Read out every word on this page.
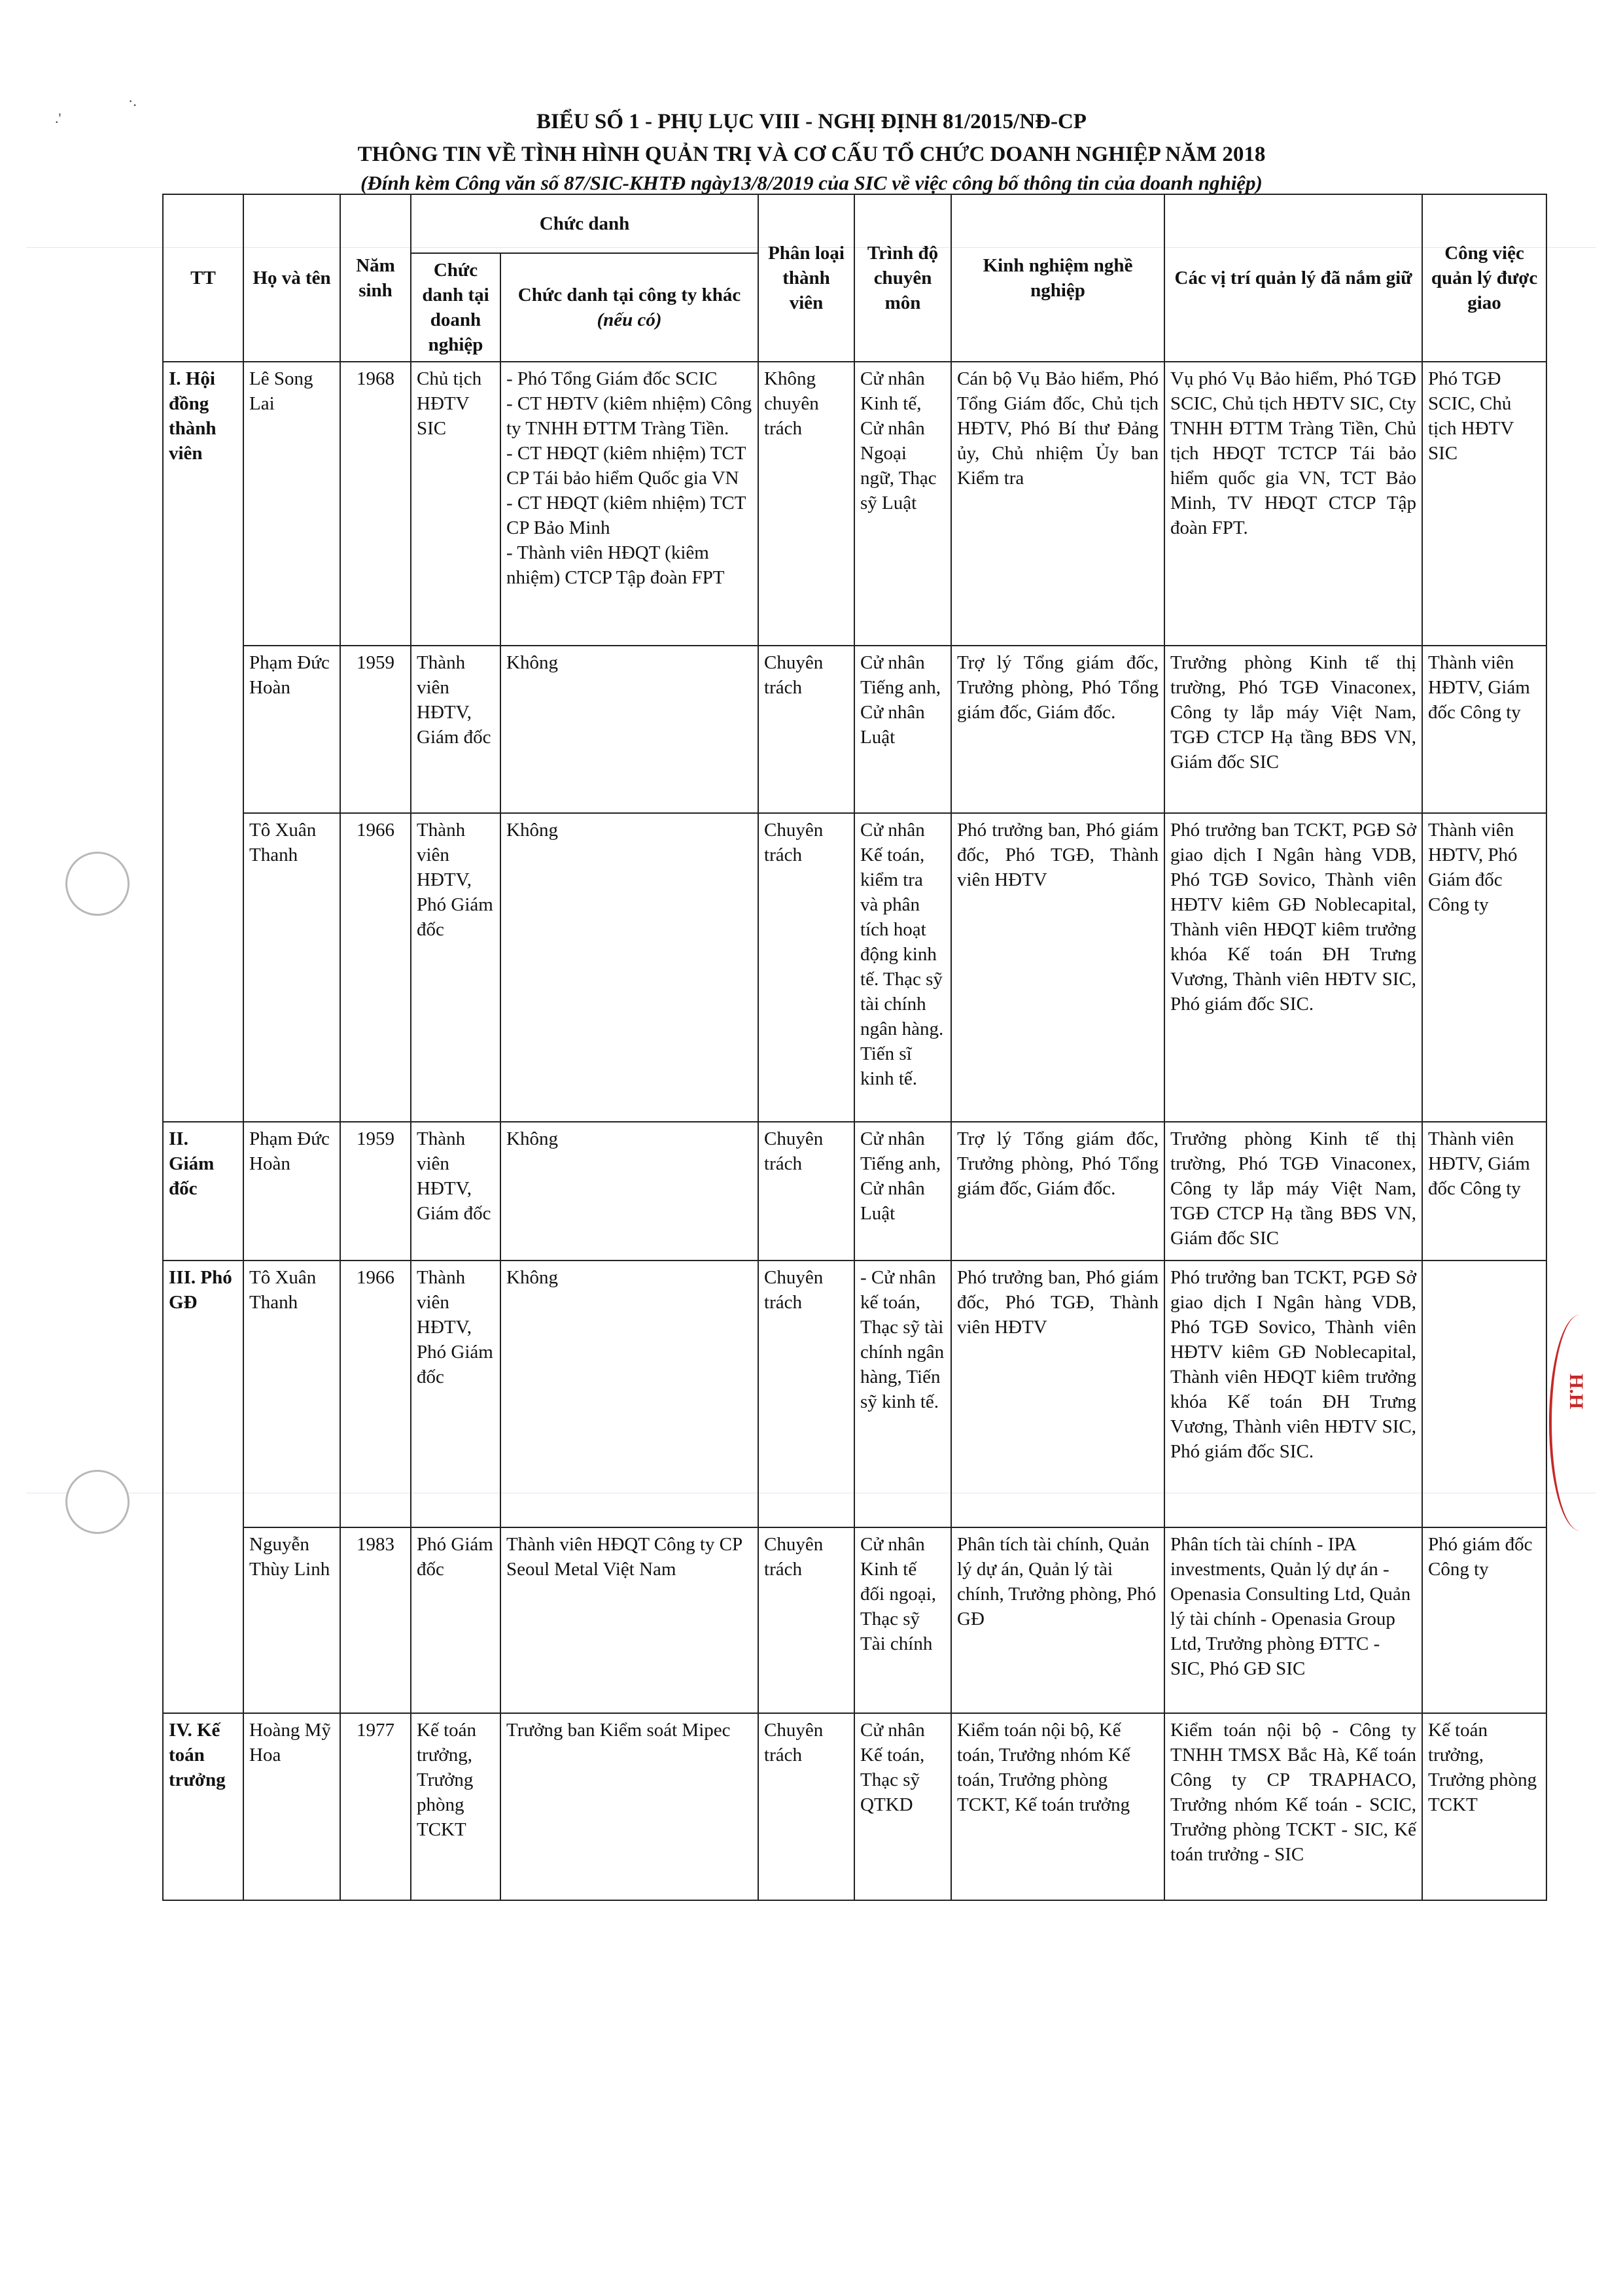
.'
·.
BIỂU SỐ 1 - PHỤ LỤC VIII - NGHỊ ĐỊNH 81/2015/NĐ-CP
THÔNG TIN VỀ TÌNH HÌNH QUẢN TRỊ VÀ CƠ CẤU TỔ CHỨC DOANH NGHIỆP NĂM 2018
(Đính kèm Công văn số 87/SIC-KHTĐ ngày13/8/2019 của SIC về việc công bố thông tin của doanh nghiệp)
TT	Họ và tên	Năm sinh	Chức danh		Phân loại thành viên	Trình độ chuyên môn	Kinh nghiệm nghề nghiệp	Các vị trí quản lý đã nắm giữ	Công việc quản lý được giao
			Chức danh tại doanh nghiệp	Chức danh tại công ty khác
(nếu có)					
I. Hội đồng thành viên	Lê Song Lai	1968	Chủ tịch HĐTV SIC	- Phó Tổng Giám đốc SCIC
- CT HĐTV (kiêm nhiệm) Công ty TNHH ĐTTM Tràng Tiền.
- CT HĐQT (kiêm nhiệm) TCT CP Tái bảo hiểm Quốc gia VN
- CT HĐQT (kiêm nhiệm) TCT CP Bảo Minh
- Thành viên HĐQT (kiêm nhiệm) CTCP Tập đoàn FPT	Không chuyên trách	Cử nhân Kinh tế, Cử nhân Ngoại ngữ, Thạc sỹ Luật	Cán bộ Vụ Bảo hiểm, Phó Tổng Giám đốc, Chủ tịch HĐTV, Phó Bí thư Đảng ủy, Chủ nhiệm Ủy ban Kiểm tra	Vụ phó Vụ Bảo hiểm, Phó TGĐ SCIC, Chủ tịch HĐTV SIC, Cty TNHH ĐTTM Tràng Tiền, Chủ tịch HĐQT TCTCP Tái bảo hiểm quốc gia VN, TCT Bảo Minh, TV HĐQT CTCP Tập đoàn FPT.	Phó TGĐ SCIC, Chủ tịch HĐTV SIC
	Phạm Đức Hoàn	1959	Thành viên HĐTV, Giám đốc	Không	Chuyên trách	Cử nhân Tiếng anh, Cử nhân Luật	Trợ lý Tổng giám đốc, Trưởng phòng, Phó Tổng giám đốc, Giám đốc.	Trưởng phòng Kinh tế thị trường, Phó TGĐ Vinaconex, Công ty lắp máy Việt Nam, TGĐ CTCP Hạ tầng BĐS VN, Giám đốc SIC	Thành viên HĐTV, Giám đốc Công ty
	Tô Xuân Thanh	1966	Thành viên HĐTV, Phó Giám đốc	Không	Chuyên trách	Cử nhân Kế toán, kiểm tra và phân tích hoạt động kinh tế. Thạc sỹ tài chính ngân hàng. Tiến sĩ kinh tế.	Phó trưởng ban, Phó giám đốc, Phó TGĐ, Thành viên HĐTV	Phó trưởng ban TCKT, PGĐ Sở giao dịch I Ngân hàng VDB, Phó TGĐ Sovico, Thành viên HĐTV kiêm GĐ Noblecapital, Thành viên HĐQT kiêm trưởng khóa Kế toán ĐH Trưng Vương, Thành viên HĐTV SIC, Phó giám đốc SIC.	Thành viên HĐTV, Phó Giám đốc Công ty
II. Giám đốc	Phạm Đức Hoàn	1959	Thành viên HĐTV, Giám đốc	Không	Chuyên trách	Cử nhân Tiếng anh, Cử nhân Luật	Trợ lý Tổng giám đốc, Trưởng phòng, Phó Tổng giám đốc, Giám đốc.	Trưởng phòng Kinh tế thị trường, Phó TGĐ Vinaconex, Công ty lắp máy Việt Nam, TGĐ CTCP Hạ tầng BĐS VN, Giám đốc SIC	Thành viên HĐTV, Giám đốc Công ty
III. Phó GĐ	Tô Xuân Thanh	1966	Thành viên HĐTV, Phó Giám đốc	Không	Chuyên trách	- Cử nhân kế toán, Thạc sỹ tài chính ngân hàng, Tiến sỹ kinh tế.	Phó trưởng ban, Phó giám đốc, Phó TGĐ, Thành viên HĐTV	Phó trưởng ban TCKT, PGĐ Sở giao dịch I Ngân hàng VDB, Phó TGĐ Sovico, Thành viên HĐTV kiêm GĐ Noblecapital, Thành viên HĐQT kiêm trưởng khóa Kế toán ĐH Trưng Vương, Thành viên HĐTV SIC, Phó giám đốc SIC.	
	Nguyễn Thùy Linh	1983	Phó Giám đốc	Thành viên HĐQT Công ty CP Seoul Metal Việt Nam	Chuyên trách	Cử nhân Kinh tế đối ngoại, Thạc sỹ Tài chính	Phân tích tài chính, Quản lý dự án, Quản lý tài chính, Trưởng phòng, Phó GĐ	Phân tích tài chính - IPA investments, Quản lý dự án - Openasia Consulting Ltd, Quản lý tài chính - Openasia Group Ltd, Trưởng phòng ĐTTC - SIC, Phó GĐ SIC	Phó giám đốc Công ty
IV. Kế toán trưởng	Hoàng Mỹ Hoa	1977	Kế toán trưởng, Trưởng phòng TCKT	Trưởng ban Kiểm soát Mipec	Chuyên trách	Cử nhân Kế toán, Thạc sỹ QTKD	Kiểm toán nội bộ, Kế toán, Trưởng nhóm Kế toán, Trưởng phòng TCKT, Kế toán trưởng	Kiểm toán nội bộ - Công ty TNHH TMSX Bắc Hà, Kế toán Công ty CP TRAPHACO, Trưởng nhóm Kế toán - SCIC, Trưởng phòng TCKT - SIC, Kế toán trưởng - SIC	Kế toán trưởng, Trưởng phòng TCKT
H.H
